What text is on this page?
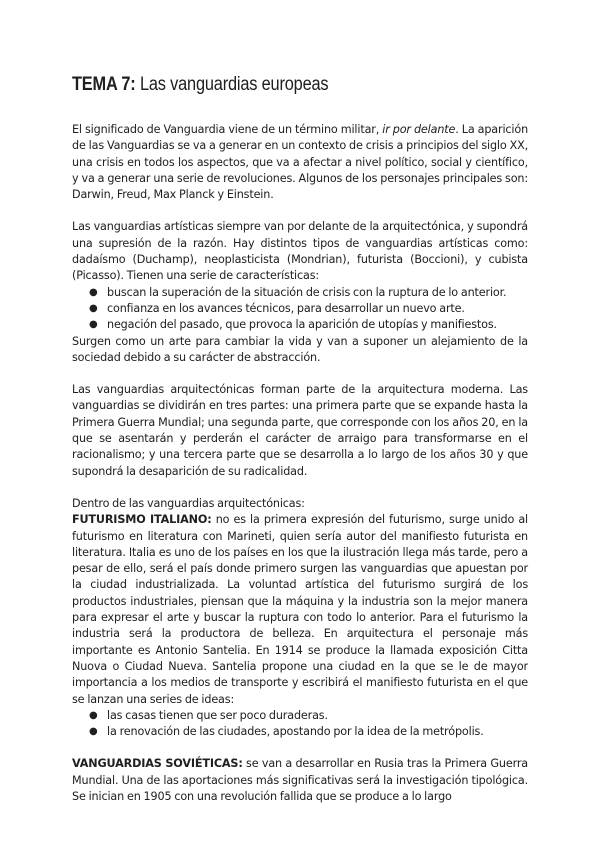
TEMA 7: Las vanguardias europeas

El significado de Vanguardia viene de un término militar, ir por delante. La aparición de las Vanguardias se va a generar en un contexto de crisis a principios del siglo XX, una crisis en todos los aspectos, que va a afectar a nivel político, social y científico, y va a generar una serie de revoluciones. Algunos de los personajes principales son: Darwin, Freud, Max Planck y Einstein.

Las vanguardias artísticas siempre van por delante de la arquitectónica, y supondrá una supresión de la razón. Hay distintos tipos de vanguardias artísticas como: dadaísmo (Duchamp), neoplasticista (Mondrian), futurista (Boccioni), y cubista (Picasso). Tienen una serie de características:

● buscan la superación de la situación de crisis con la ruptura de lo anterior.
● confianza en los avances técnicos, para desarrollar un nuevo arte.
● negación del pasado, que provoca la aparición de utopías y manifiestos.

Surgen como un arte para cambiar la vida y van a suponer un alejamiento de la sociedad debido a su carácter de abstracción.

Las vanguardias arquitectónicas forman parte de la arquitectura moderna. Las vanguardias se dividirán en tres partes: una primera parte que se expande hasta la Primera Guerra Mundial; una segunda parte, que corresponde con los años 20, en la que se asentarán y perderán el carácter de arraigo para transformarse en el racionalismo; y una tercera parte que se desarrolla a lo largo de los años 30 y que supondrá la desaparición de su radicalidad.

Dentro de las vanguardias arquitectónicas:

FUTURISMO ITALIANO: no es la primera expresión del futurismo, surge unido al futurismo en literatura con Marineti, quien sería autor del manifiesto futurista en literatura. Italia es uno de los países en los que la ilustración llega más tarde, pero a pesar de ello, será el país donde primero surgen las vanguardias que apuestan por la ciudad industrializada. La voluntad artística del futurismo surgirá de los productos industriales, piensan que la máquina y la industria son la mejor manera para expresar el arte y buscar la ruptura con todo lo anterior. Para el futurismo la industria será la productora de belleza. En arquitectura el personaje más importante es Antonio Santelia. En 1914 se produce la llamada exposición Citta Nuova o Ciudad Nueva. Santelia propone una ciudad en la que se le de mayor importancia a los medios de transporte y escribirá el manifiesto futurista en el que se lanzan una series de ideas:

● las casas tienen que ser poco duraderas.
● la renovación de las ciudades, apostando por la idea de la metrópolis.

VANGUARDIAS SOVIÉTICAS: se van a desarrollar en Rusia tras la Primera Guerra Mundial. Una de las aportaciones más significativas será la investigación tipológica. Se inician en 1905 con una revolución fallida que se produce a lo largo
